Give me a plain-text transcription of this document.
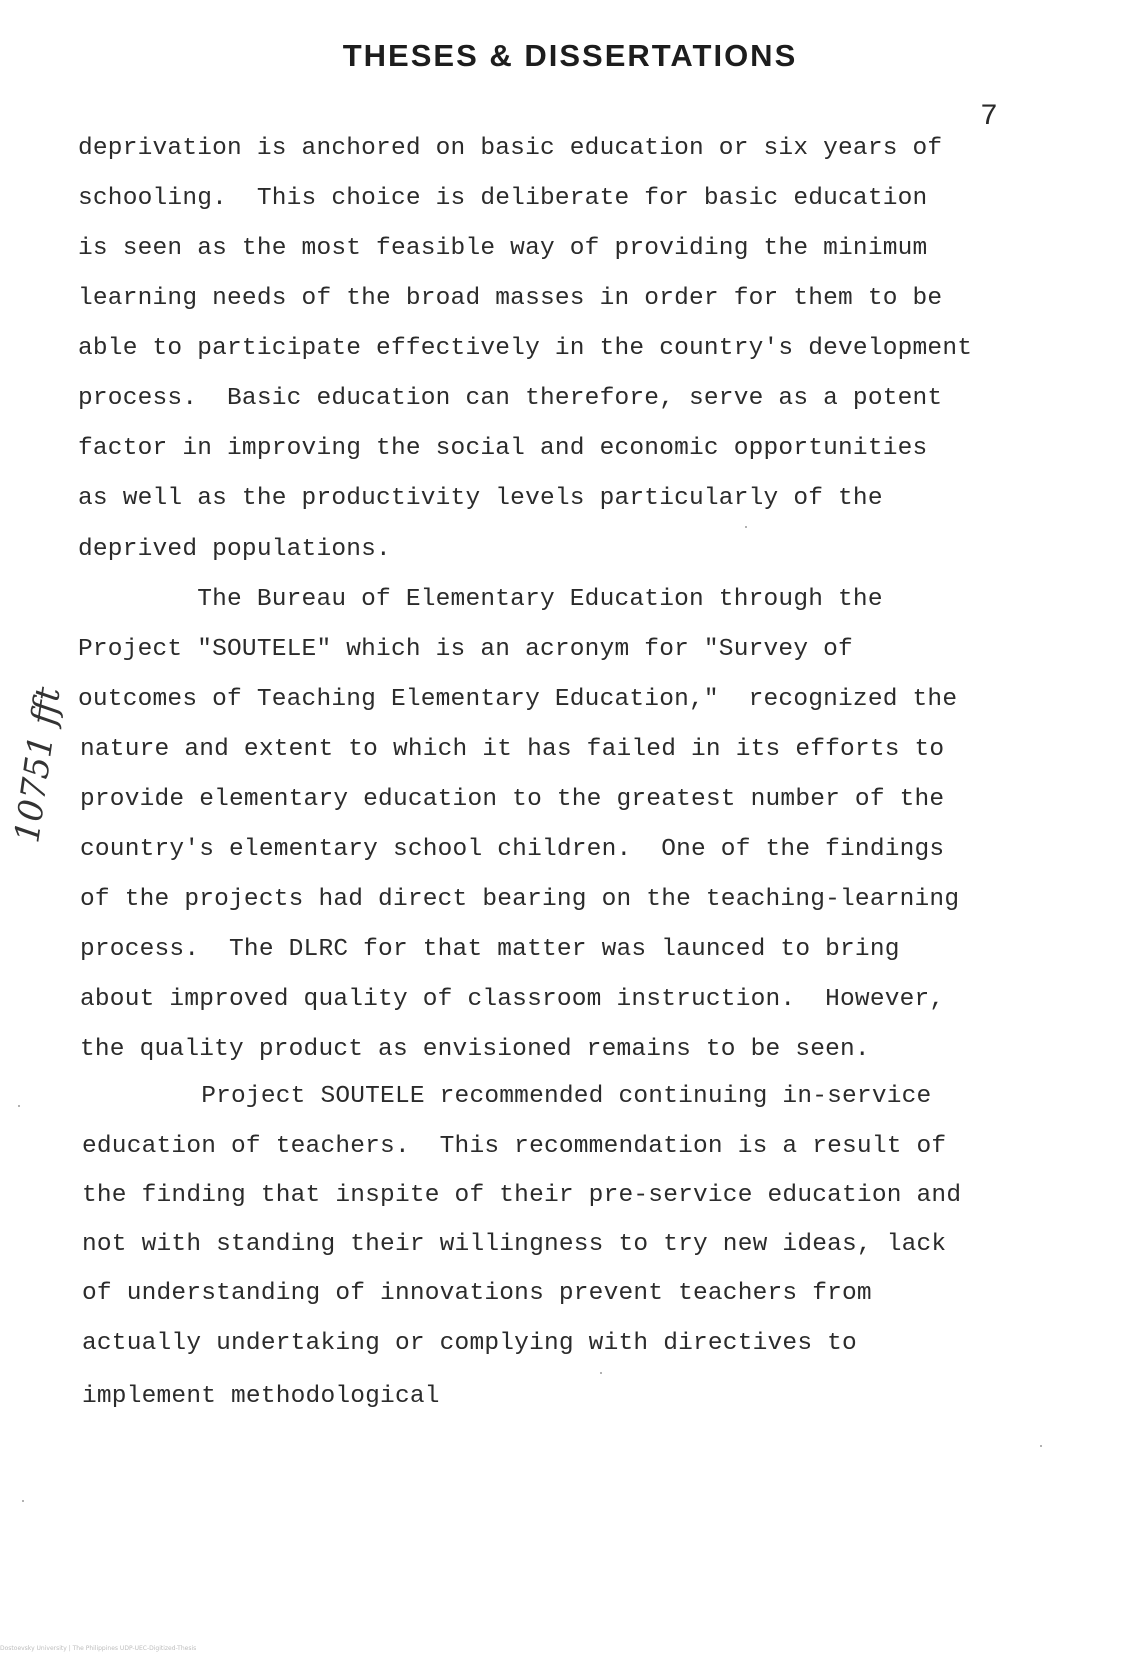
THESES & DISSERTATIONS
7
10751 fft
deprivation is anchored on basic education or six years of
schooling.  This choice is deliberate for basic education
is seen as the most feasible way of providing the minimum
learning needs of the broad masses in order for them to be
able to participate effectively in the country's development
process.  Basic education can therefore, serve as a potent
factor in improving the social and economic opportunities
as well as the productivity levels particularly of the
deprived populations.
The Bureau of Elementary Education through the
Project "SOUTELE" which is an acronym for "Survey of
outcomes of Teaching Elementary Education,"  recognized the
nature and extent to which it has failed in its efforts to
provide elementary education to the greatest number of the
country's elementary school children.  One of the findings
of the projects had direct bearing on the teaching-learning
process.  The DLRC for that matter was launced to bring
about improved quality of classroom instruction.  However,
the quality product as envisioned remains to be seen.
Project SOUTELE recommended continuing in-service
education of teachers.  This recommendation is a result of
the finding that inspite of their pre-service education and
not with standing their willingness to try new ideas, lack
of understanding of innovations prevent teachers from
actually undertaking or complying with directives to
implement methodological
Dostoevsky University | The Philippines UDP-UEC-Digitized-Thesis
